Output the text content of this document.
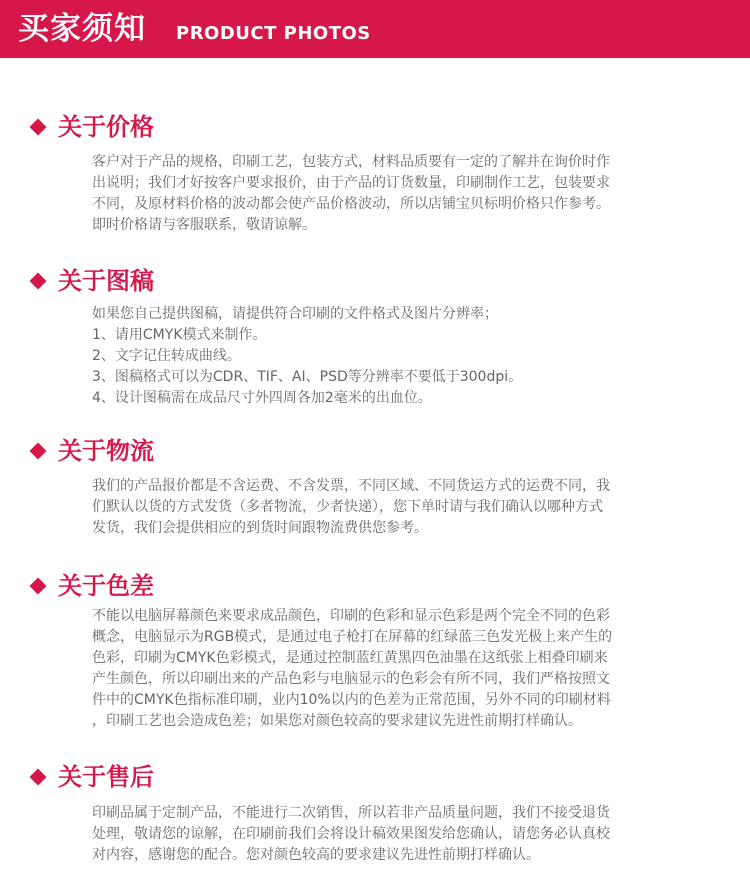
买家须知 PRODUCT PHOTOS
关于价格
客户对于产品的规格，印刷工艺，包装方式，材料品质要有一定的了解并在询价时作
出说明；我们才好按客户要求报价，由于产品的订货数量，印刷制作工艺，包装要求
不同，及原材料价格的波动都会使产品价格波动，所以店铺宝贝标明价格只作参考。
即时价格请与客服联系，敬请谅解。
关于图稿
如果您自己提供图稿，请提供符合印刷的文件格式及图片分辨率；
1、请用CMYK模式来制作。
2、文字记住转成曲线。
3、图稿格式可以为CDR、TIF、AI、PSD等分辨率不要低于300dpi。
4、设计图稿需在成品尺寸外四周各加2毫米的出血位。
关于物流
我们的产品报价都是不含运费、不含发票，不同区域、不同货运方式的运费不同，我
们默认以货的方式发货（多者物流，少者快递），您下单时请与我们确认以哪种方式
发货，我们会提供相应的到货时间跟物流费供您参考。
关于色差
不能以电脑屏幕颜色来要求成品颜色，印刷的色彩和显示色彩是两个完全不同的色彩
概念，电脑显示为RGB模式，是通过电子枪打在屏幕的红绿蓝三色发光极上来产生的
色彩，印刷为CMYK色彩模式，是通过控制蓝红黄黑四色油墨在这纸张上相叠印刷来
产生颜色，所以印刷出来的产品色彩与电脑显示的色彩会有所不同，我们严格按照文
件中的CMYK色指标准印刷，业内10%以内的色差为正常范围，另外不同的印刷材料
，印刷工艺也会造成色差；如果您对颜色较高的要求建议先进性前期打样确认。
关于售后
印刷品属于定制产品，不能进行二次销售，所以若非产品质量问题，我们不接受退货
处理，敬请您的谅解，在印刷前我们会将设计稿效果图发给您确认，请您务必认真校
对内容，感谢您的配合。您对颜色较高的要求建议先进性前期打样确认。
